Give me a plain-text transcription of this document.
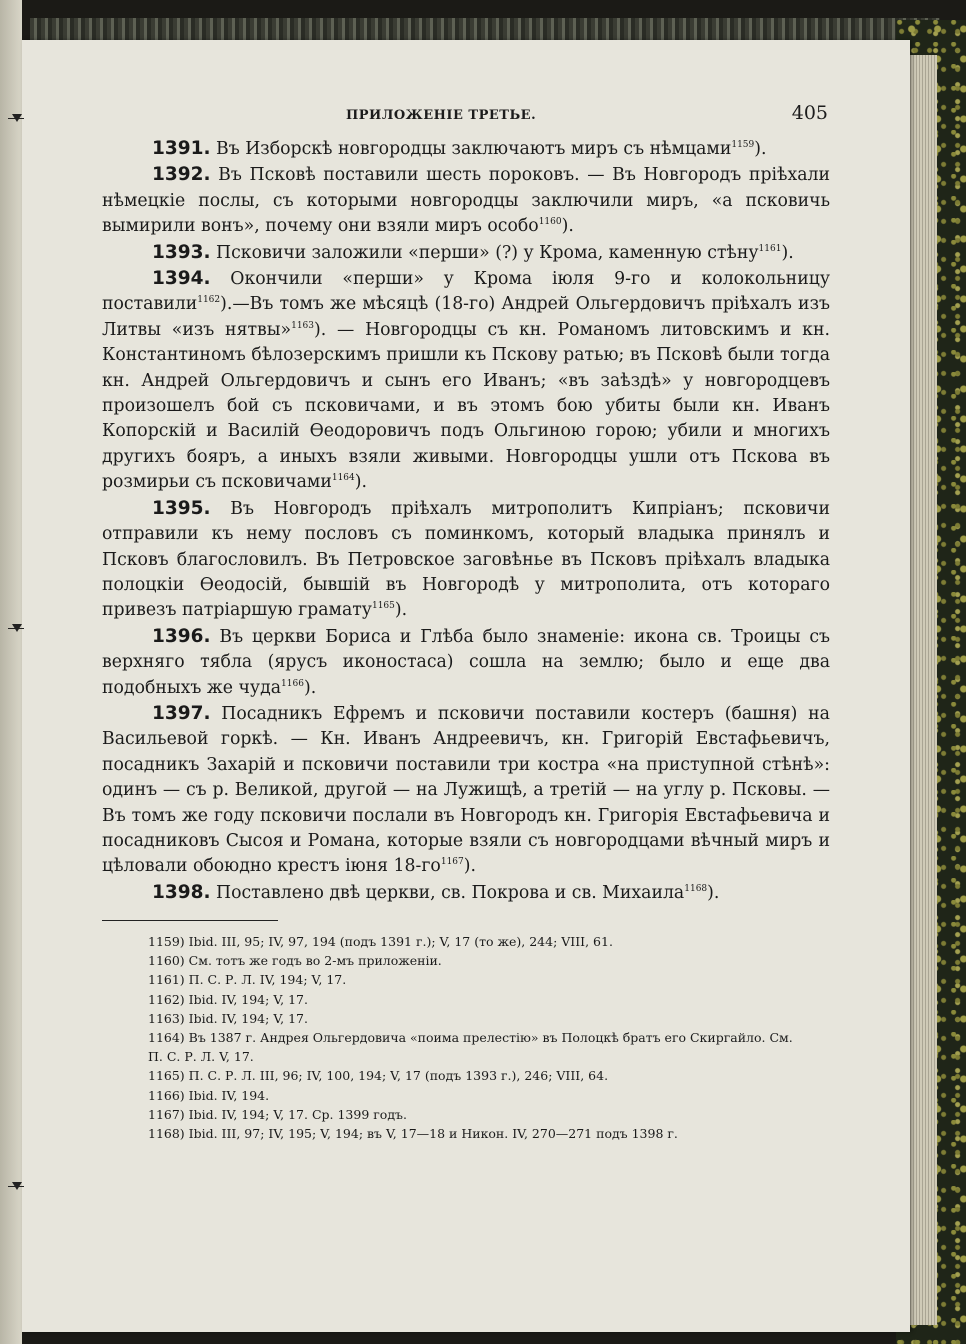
ПРИЛОЖЕНІЕ ТРЕТЬЕ.	405

1391. Въ Изборскѣ новгородцы заключаютъ миръ съ нѣмцами$^{1159}$).

1392. Въ Псковѣ поставили шесть пороковъ. — Въ Новгородъ пріѣхали нѣмецкіе послы, съ которыми новгородцы заключили миръ, «а псковичь вымирили вонъ», почему они взяли миръ особо$^{1160}$).

1393. Псковичи заложили «перши» (?) у Крома, каменную стѣну$^{1161}$).

1394. Окончили «перши» у Крома іюля 9-го и колокольницу поставили$^{1162}$).—Въ томъ же мѣсяцѣ (18-го) Андрей Ольгердовичъ пріѣхалъ изъ Литвы «изъ нятвы»$^{1163}$). — Новгородцы съ кн. Романомъ литовскимъ и кн. Константиномъ бѣлозерскимъ пришли къ Пскову ратью; въ Псковѣ были тогда кн. Андрей Ольгердовичъ и сынъ его Иванъ; «въ заѣздѣ» у новгородцевъ произошелъ бой съ псковичами, и въ этомъ бою убиты были кн. Иванъ Копорскій и Василій Ѳеодоровичъ подъ Ольгиною горою; убили и многихъ другихъ бояръ, а иныхъ взяли живыми. Новгородцы ушли отъ Пскова въ розмирьи съ псковичами$^{1164}$).

1395. Въ Новгородъ пріѣхалъ митрополитъ Кипріанъ; псковичи отправили къ нему пословъ съ поминкомъ, который владыка принялъ и Псковъ благословилъ. Въ Петровское заговѣнье въ Псковъ пріѣхалъ владыка полоцкіи Ѳеодосій, бывшій въ Новгородѣ у митрополита, отъ котораго привезъ патріаршую грамату$^{1165}$).

1396. Въ церкви Бориса и Глѣба было знаменіе: икона св. Троицы съ верхняго тябла (ярусъ иконостаса) сошла на землю; было и еще два подобныхъ же чуда$^{1166}$).

1397. Посадникъ Ефремъ и псковичи поставили костеръ (башня) на Васильевой горкѣ. — Кн. Иванъ Андреевичъ, кн. Григорій Евстафьевичъ, посадникъ Захарій и псковичи поставили три костра «на приступной стѣнѣ»: одинъ — съ р. Великой, другой — на Лужищѣ, а третій — на углу р. Псковы. — Въ томъ же году псковичи послали въ Новгородъ кн. Григорія Евстафьевича и посадниковъ Сысоя и Романа, которые взяли съ новгородцами вѣчный миръ и цѣловали обоюдно крестъ іюня $18-го^{1167}$).

1398. Поставлено двѣ церкви, св. Покрова и св. Михаила$^{1168}$).

1159) Ibid. III, 95; IV, 97, 194 (подъ 1391 г.); V, 17 (то же), 244; VIII, 61.

1160) См. тотъ же годъ во 2-мъ приложеніи.

1161) П. С. Р. Л. IV, 194; V, 17.

1162) Ibid. IV, 194; V, 17.

1163) Ibid. IV, 194; V, 17.

1164) Въ 1387 г. Андрея Ольгердовича «поима прелестію» въ Полоцкѣ братъ его Скиргайло. См. П. С. Р. Л. V, 17.

1165) П. С. Р. Л. III, 96; IV, 100, 194; V, 17 (подъ 1393 г.), 246; VIII, 64.

1166) Ibid. IV, 194.

1167) Ibid. IV, 194; V, 17. Ср. 1399 годъ.

1168) Ibid. III, 97; IV, 195; V, 194; въ V, 17—18 и Никон. IV, 270—271 подъ 1398 г.
